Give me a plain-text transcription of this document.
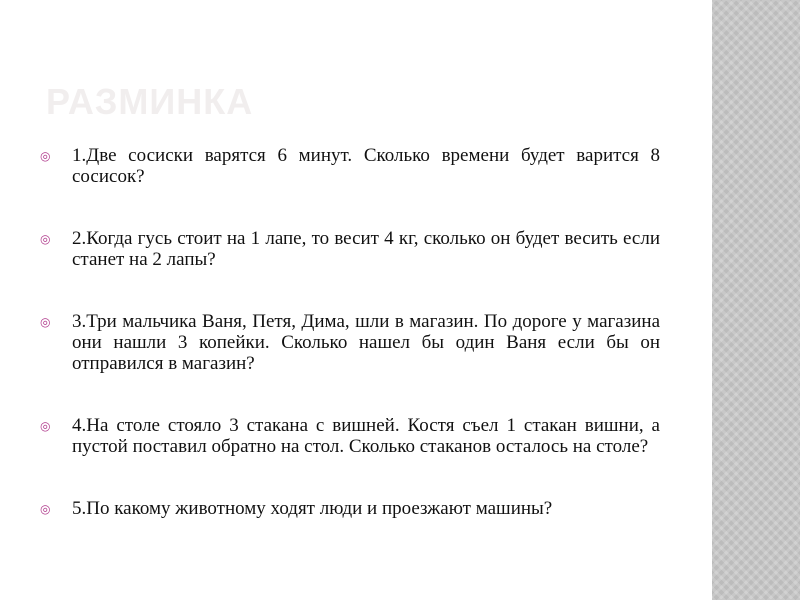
РАЗМИНКА
◎	1.Две сосиски варятся 6 минут. Сколько времени будет варится 8 сосисок?
◎	2.Когда гусь стоит на 1 лапе, то весит 4 кг, сколько он будет весить если станет на 2 лапы?
◎	3.Три мальчика Ваня, Петя, Дима, шли в магазин. По дороге у магазина они нашли 3 копейки. Сколько нашел бы один Ваня если бы он отправился в магазин?
◎	4.На столе стояло 3 стакана с вишней. Костя съел 1 стакан вишни, а пустой поставил обратно на стол. Сколько стаканов осталось на столе?
◎	5.По какому животному ходят люди и проезжают машины?
